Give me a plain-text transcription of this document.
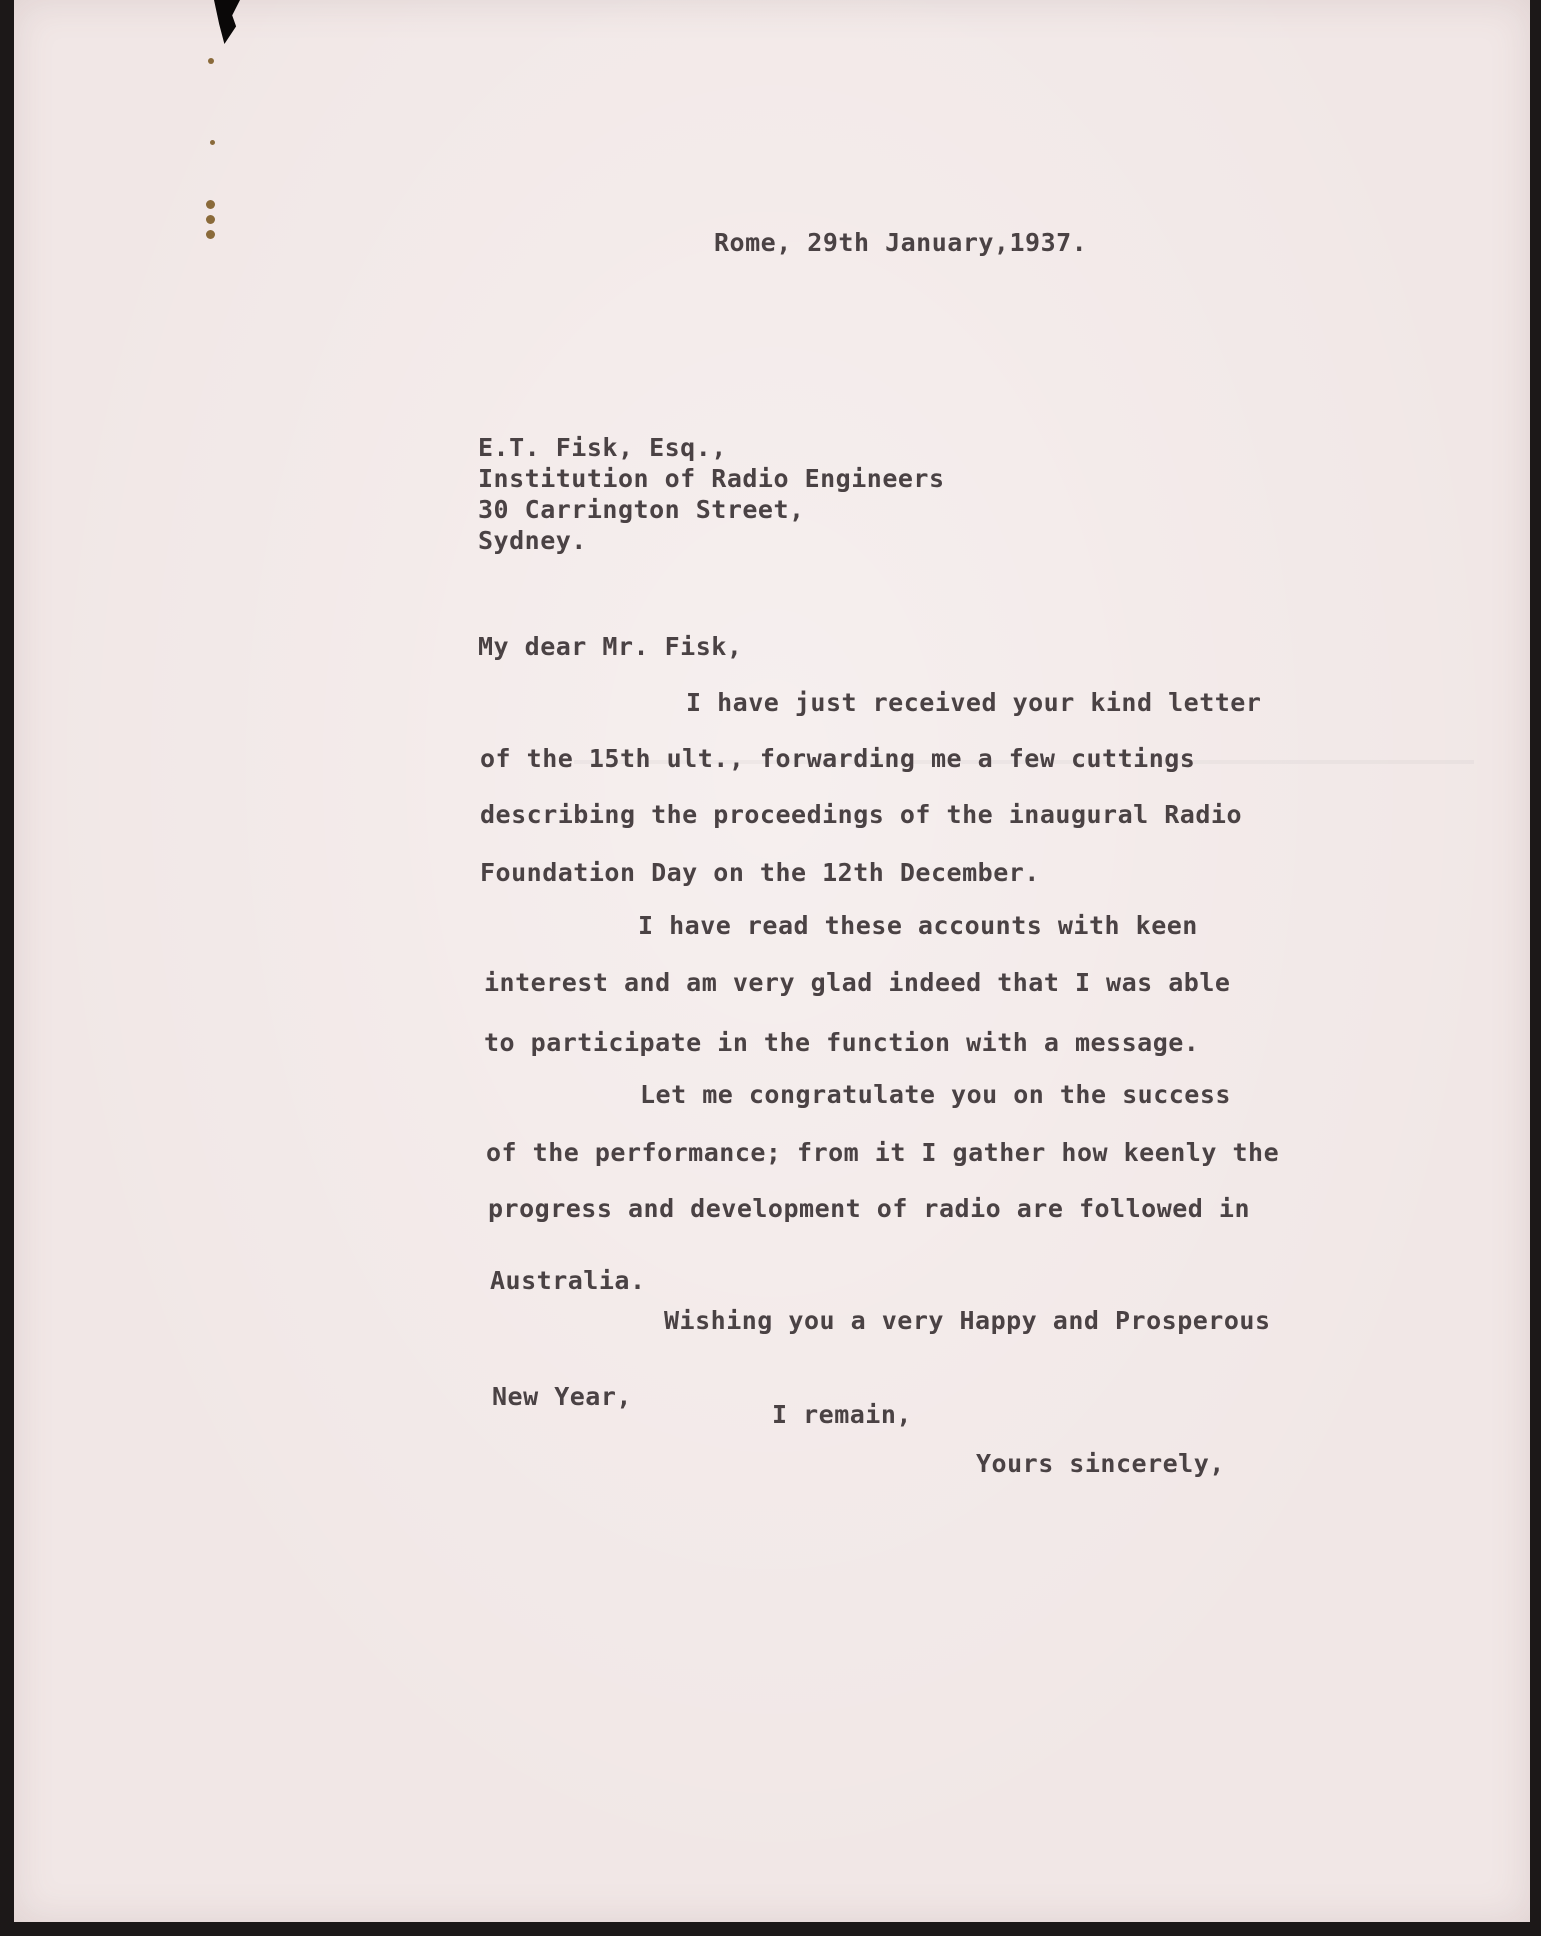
Rome, 29th January,1937.

E.T. Fisk, Esq.,

Institution of Radio Engineers

30 Carrington Street,

Sydney.

My dear Mr. Fisk,

I have just received your kind letter

of the 15th ult., forwarding me a few cuttings

describing the proceedings of the inaugural Radio

Foundation Day on the 12th December.

I have read these accounts with keen

interest and am very glad indeed that I was able

to participate in the function with a message.

Let me congratulate you on the success

of the performance; from it I gather how keenly the

progress and development of radio are followed in

Australia.

Wishing you a very Happy and Prosperous

New Year,

I remain,

Yours sincerely,
